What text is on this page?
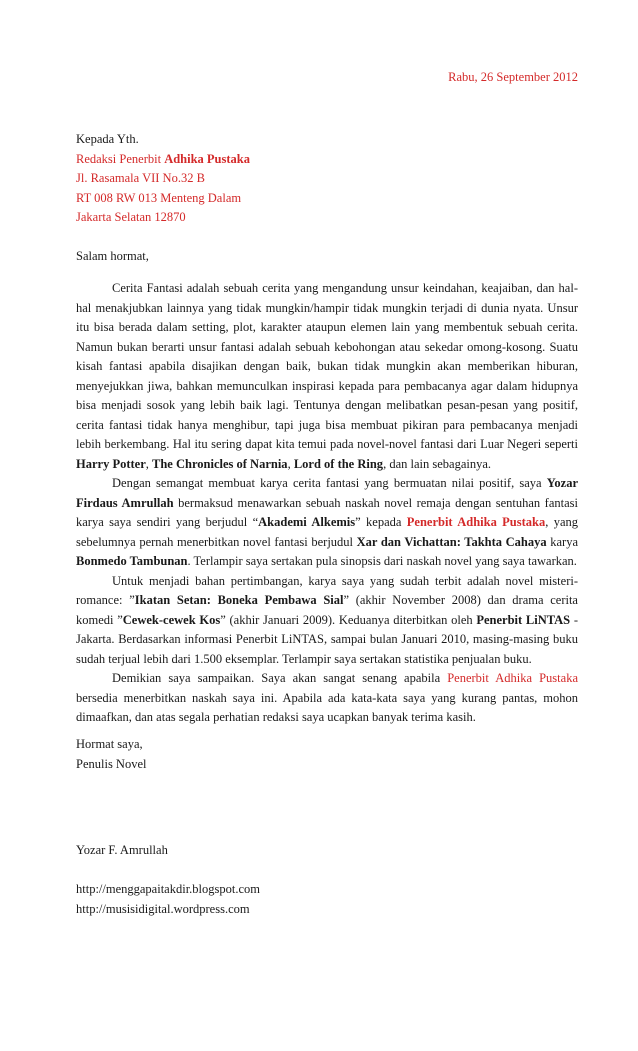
Rabu, 26 September 2012
Kepada Yth.
Redaksi Penerbit Adhika Pustaka
Jl. Rasamala VII No.32 B
RT 008 RW 013 Menteng Dalam
Jakarta Selatan 12870
Salam hormat,

Cerita Fantasi adalah sebuah cerita yang mengandung unsur keindahan, keajaiban, dan hal-hal menakjubkan lainnya yang tidak mungkin/hampir tidak mungkin terjadi di dunia nyata. Unsur itu bisa berada dalam setting, plot, karakter ataupun elemen lain yang membentuk sebuah cerita. Namun bukan berarti unsur fantasi adalah sebuah kebohongan atau sekedar omong-kosong. Suatu kisah fantasi apabila disajikan dengan baik, bukan tidak mungkin akan memberikan hiburan, menyejukkan jiwa, bahkan memunculkan inspirasi kepada para pembacanya agar dalam hidupnya bisa menjadi sosok yang lebih baik lagi. Tentunya dengan melibatkan pesan-pesan yang positif, cerita fantasi tidak hanya menghibur, tapi juga bisa membuat pikiran para pembacanya menjadi lebih berkembang. Hal itu sering dapat kita temui pada novel-novel fantasi dari Luar Negeri seperti Harry Potter, The Chronicles of Narnia, Lord of the Ring, dan lain sebagainya.

Dengan semangat membuat karya cerita fantasi yang bermuatan nilai positif, saya Yozar Firdaus Amrullah bermaksud menawarkan sebuah naskah novel remaja dengan sentuhan fantasi karya saya sendiri yang berjudul “Akademi Alkemis” kepada Penerbit Adhika Pustaka, yang sebelumnya pernah menerbitkan novel fantasi berjudul Xar dan Vichattan: Takhta Cahaya karya Bonmedo Tambunan. Terlampir saya sertakan pula sinopsis dari naskah novel yang saya tawarkan.

Untuk menjadi bahan pertimbangan, karya saya yang sudah terbit adalah novel misteri-romance: ”Ikatan Setan: Boneka Pembawa Sial” (akhir November 2008) dan drama cerita komedi ”Cewek-cewek Kos” (akhir Januari 2009). Keduanya diterbitkan oleh Penerbit LiNTAS - Jakarta. Berdasarkan informasi Penerbit LiNTAS, sampai bulan Januari 2010, masing-masing buku sudah terjual lebih dari 1.500 eksemplar. Terlampir saya sertakan statistika penjualan buku.

Demikian saya sampaikan. Saya akan sangat senang apabila Penerbit Adhika Pustaka bersedia menerbitkan naskah saya ini. Apabila ada kata-kata saya yang kurang pantas, mohon dimaafkan, dan atas segala perhatian redaksi saya ucapkan banyak terima kasih.

Hormat saya,
Penulis Novel
Yozar F. Amrullah
http://menggapaitakdir.blogspot.com
http://musisidigital.wordpress.com
